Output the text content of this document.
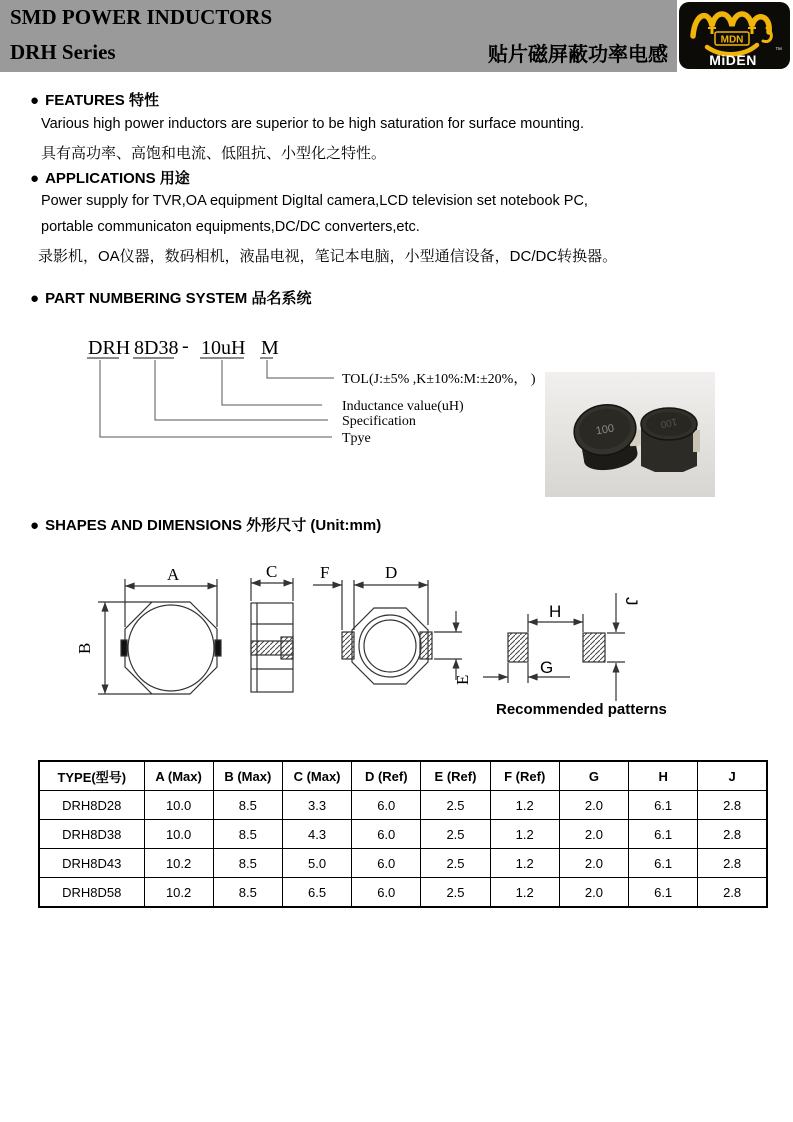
SMD POWER INDUCTORS
DRH Series	贴片磁屏蔽功率电感
MDN
™
MiDEN
● FEATURES 特性
Various high power inductors are superior to be high saturation for surface mounting.
具有高功率、高饱和电流、低阻抗、小型化之特性。
● APPLICATIONS 用途
Power supply for TVR,OA equipment DigItal camera,LCD television set notebook PC,
portable communicaton equipments,DC/DC converters,etc.
录影机，OA仪器，数码相机，液晶电视，笔记本电脑，小型通信设备，DC/DC转换器。
● PART NUMBERING SYSTEM 品名系统
DRH 8D38 - 10uH M
TOL(J:±5% ,K±10%:M:±20%， )
Inductance value(uH)
Specification
Tpye
100	100
● SHAPES AND DIMENSIONS 外形尺寸 (Unit:mm)
A
B
C	F	D
E
H
J
G
Recommended patterns
TYPE(型号)	A (Max)	B (Max)	C (Max)	D (Ref)	E (Ref)	F (Ref)	G	H	J
DRH8D28	10.0	8.5	3.3	6.0	2.5	1.2	2.0	6.1	2.8
DRH8D38	10.0	8.5	4.3	6.0	2.5	1.2	2.0	6.1	2.8
DRH8D43	10.2	8.5	5.0	6.0	2.5	1.2	2.0	6.1	2.8
DRH8D58	10.2	8.5	6.5	6.0	2.5	1.2	2.0	6.1	2.8
